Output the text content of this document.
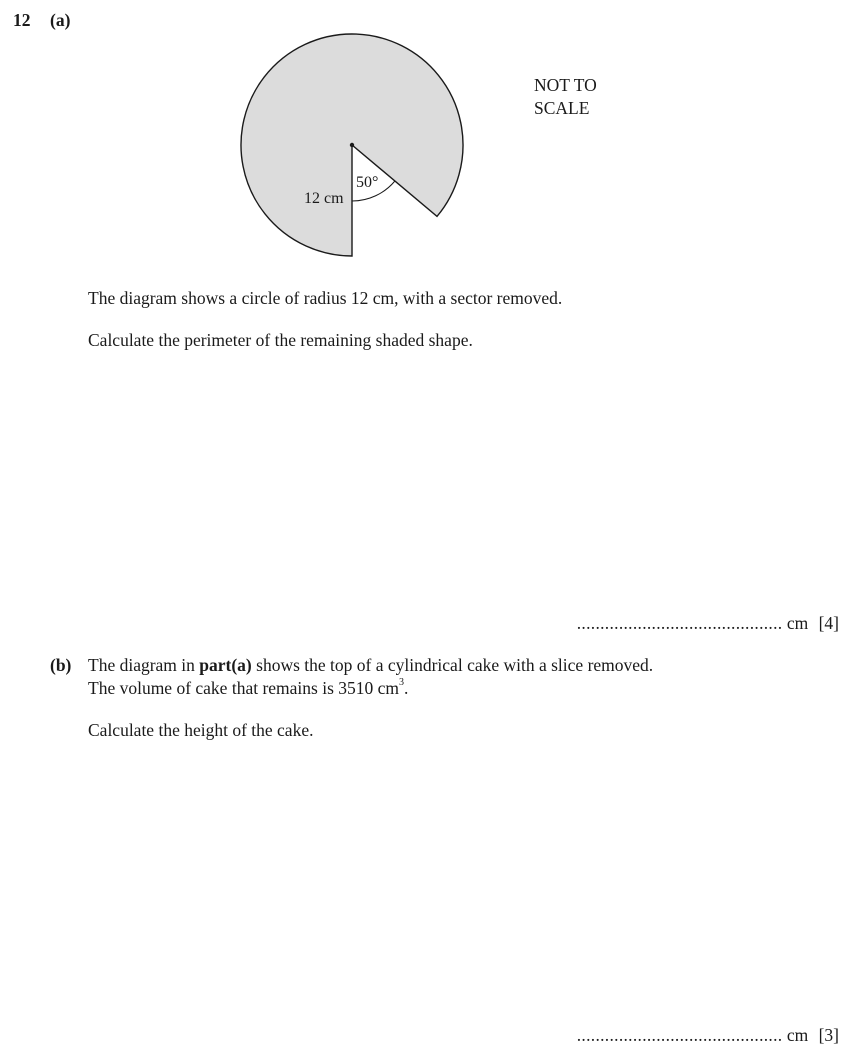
12 (a)
50°
12 cm
NOT TO
SCALE
The diagram shows a circle of radius 12 cm, with a sector removed.
Calculate the perimeter of the remaining shaded shape.
............................................ cm [4]
(b) The diagram in part(a) shows the top of a cylindrical cake with a slice removed.
The volume of cake that remains is 3510 $cm^3$.
Calculate the height of the cake.
............................................ cm [3]
